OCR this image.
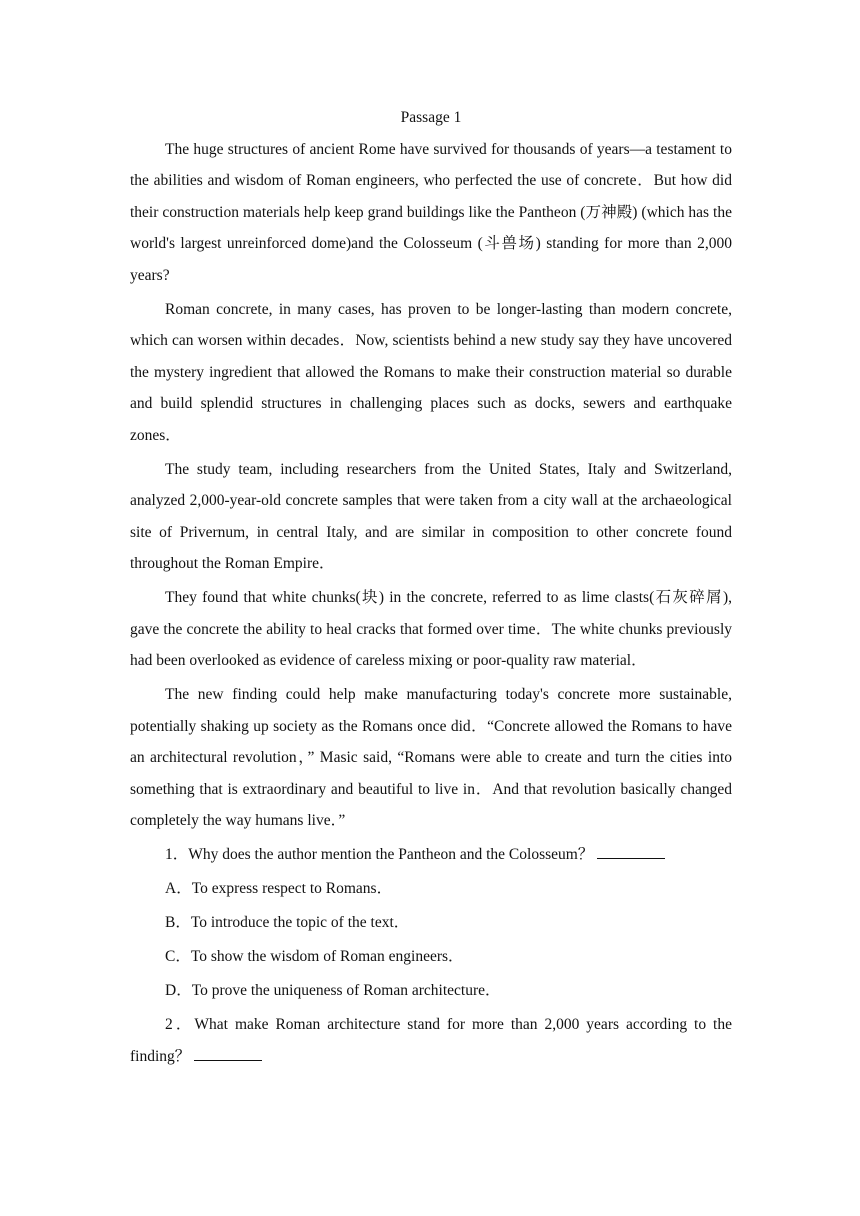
Passage 1

The huge structures of ancient Rome have survived for thousands of years—a testament to the abilities and wisdom of Roman engineers, who perfected the use of concrete．But how did their construction materials help keep grand buildings like the Pantheon (万神殿) (which has the world's largest unreinforced dome)and the Colosseum (斗兽场) standing for more than 2,000 years?

Roman concrete, in many cases, has proven to be longer-lasting than modern concrete, which can worsen within decades．Now, scientists behind a new study say they have uncovered the mystery ingredient that allowed the Romans to make their construction material so durable and build splendid structures in challenging places such as docks, sewers and earthquake zones．

The study team, including researchers from the United States, Italy and Switzerland, analyzed 2,000-year-old concrete samples that were taken from a city wall at the archaeological site of Privernum, in central Italy, and are similar in composition to other concrete found throughout the Roman Empire．

They found that white chunks(块) in the concrete, referred to as lime clasts(石灰碎屑), gave the concrete the ability to heal cracks that formed over time．The white chunks previously had been overlooked as evidence of careless mixing or poor-quality raw material．

The new finding could help make manufacturing today's concrete more sustainable, potentially shaking up society as the Romans once did．“Concrete allowed the Romans to have an architectural revolution，” Masic said, “Romans were able to create and turn the cities into something that is extraordinary and beautiful to live in．And that revolution basically changed completely the way humans live．”

1．Why does the author mention the Pantheon and the Colosseum？

A．To express respect to Romans．

B．To introduce the topic of the text．

C．To show the wisdom of Roman engineers．

D．To prove the uniqueness of Roman architecture．

2．What make Roman architecture stand for more than 2,000 years according to the finding？
